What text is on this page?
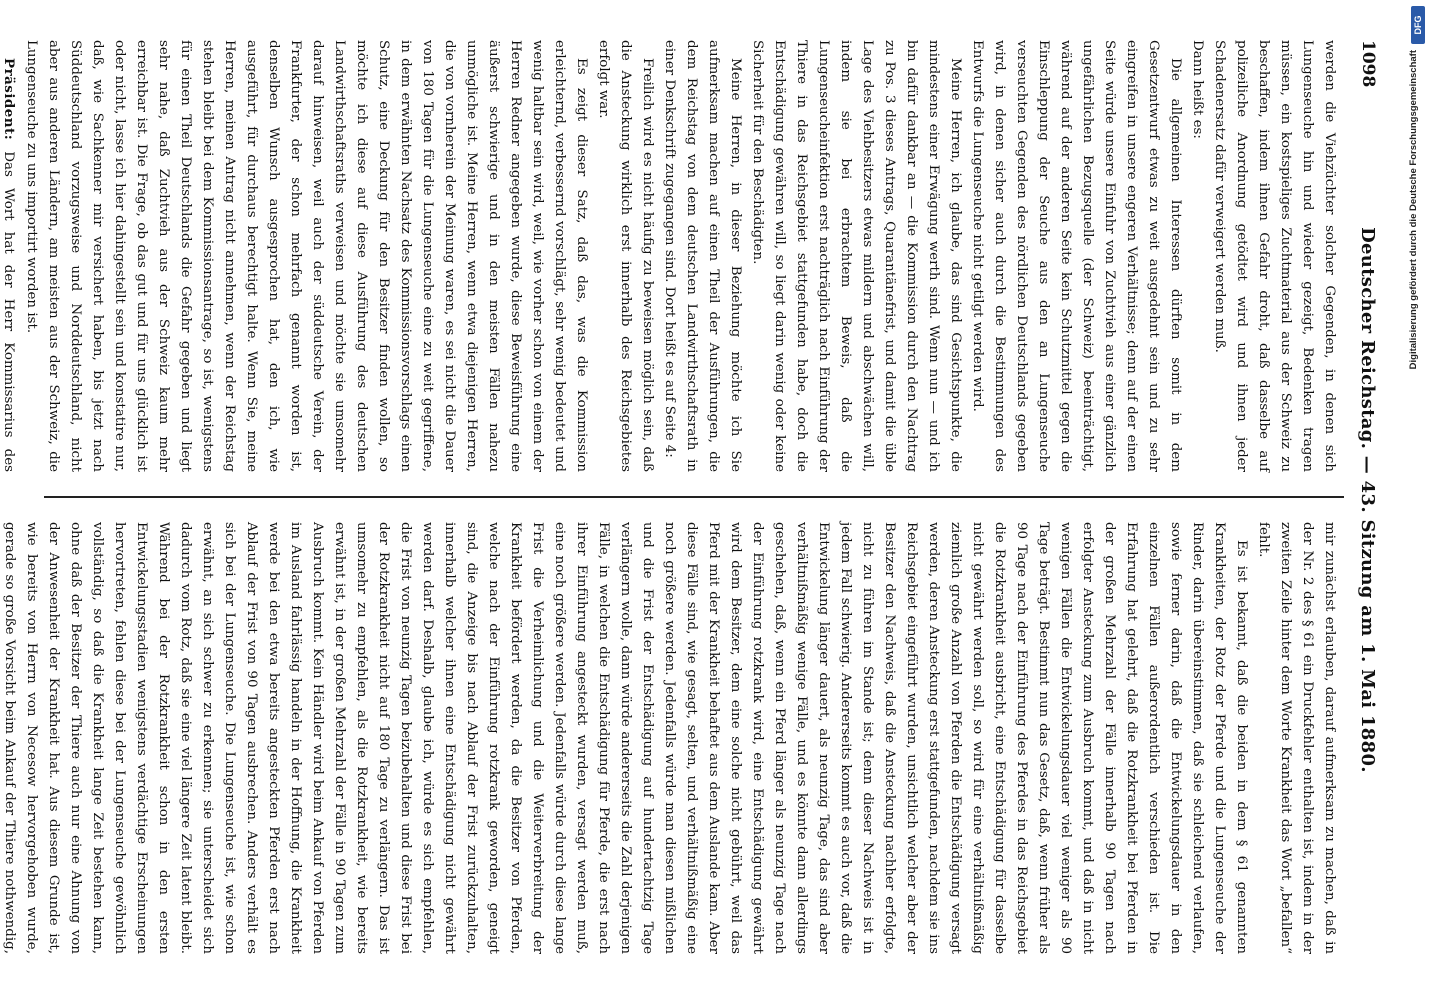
1098
Deutscher Reichstag. — 43. Sitzung am 1. Mai 1880.

werden die Viehzüchter solcher Gegenden, in denen sich Lungenseuche hin und wieder gezeigt, Bedenken tragen müssen, ein kostspieliges Zuchtmaterial aus der Schweiz zu beschaffen, indem ihnen Gefahr droht, daß dasselbe auf polizeiliche Anordnung getödtet wird und ihnen jeder Schadenersatz dafür verweigert werden muß.

Dann heißt es:

Die allgemeinen Interessen dürften somit in dem Gesetzentwurf etwas zu weit ausgedehnt sein und zu sehr eingreifen in unsere engeren Verhältnisse; denn auf der einen Seite würde unsere Einfuhr von Zuchtvieh aus einer gänzlich ungefährlichen Bezugsquelle (der Schweiz) beeinträchtigt, während auf der anderen Seite kein Schutzmittel gegen die Einschleppung der Seuche aus den an Lungenseuche verseuchten Gegenden des nördlichen Deutschlands gegeben wird, in denen sicher auch durch die Bestimmungen des Entwurfs die Lungenseuche nicht getilgt werden wird.

Meine Herren, ich glaube, das sind Gesichtspunkte, die mindestens einer Erwägung werth sind. Wenn nun — und ich bin dafür dankbar an — die Kommission durch den Nachtrag zu Pos. 3 dieses Antrags, Quarantänefrist, und damit die üble Lage des Viehbesitzers etwas mildern und abschwächen will, indem sie bei erbrachtem Beweis, daß die Lungenseucheinfektion erst nachträglich nach Einführung der Thiere in das Reichsgebiet stattgefunden habe, doch die Entschädigung gewähren will, so liegt darin wenig oder keine Sicherheit für den Beschädigten.

Meine Herren, in dieser Beziehung möchte ich Sie aufmerksam machen auf einen Theil der Ausführungen, die dem Reichstag von dem deutschen Landwirthschaftsrath in einer Denkschrift zugegangen sind. Dort heißt es auf Seite 4:

Freilich wird es nicht häufig zu beweisen möglich sein, daß die Ansteckung wirklich erst innerhalb des Reichsgebietes erfolgt war.

Es zeigt dieser Satz, daß das, was die Kommission erleichternd, verbessernd vorschlägt, sehr wenig bedeutet und wenig haltbar sein wird, weil, wie vorher schon von einem der Herren Redner angegeben wurde, diese Beweisführung eine äußerst schwierige und in den meisten Fällen nahezu unmögliche ist. Meine Herren, wenn etwa diejenigen Herren, die von vornherein der Meinung waren, es sei nicht die Dauer von 180 Tagen für die Lungenseuche eine zu weit gegriffene, in dem erwähnten Nachsatz des Kommissionsvorschlags einen Schutz, eine Deckung für den Besitzer finden wollen, so möchte ich diese auf diese Ausführung des deutschen Landwirthschaftsraths verweisen und möchte sie umsomehr darauf hinweisen, weil auch der süddeutsche Verein, der Frankfurter, der schon mehrfach genannt worden ist, denselben Wunsch ausgesprochen hat, den ich, wie ausgeführt, für durchaus berechtigt halte. Wenn Sie, meine Herren, meinen Antrag nicht annehmen, wenn der Reichstag stehen bleibt bei dem Kommissionsantrage, so ist, wenigstens für einen Theil Deutschlands die Gefahr gegeben und liegt sehr nahe, daß Zuchtvieh aus der Schweiz kaum mehr erreichbar ist. Die Frage, ob das gut und für uns glücklich ist oder nicht, lasse ich hier dahingestellt sein und konstatire nur, daß, wie Sachkenner mir versichert haben, bis jetzt nach Süddeutschland vorzugsweise und Norddeutschland, nicht aber aus anderen Ländern, am meisten aus der Schweiz, die Lungenseuche zu uns importirt worden ist.

Präsident: Das Wort hat der Herr Kommissarius des

mir zunächst erlauben, darauf aufmerksam zu machen, daß in der Nr. 2 des § 61 ein Druckfehler enthalten ist, indem in der zweiten Zeile hinter dem Worte Krankheit das Wort „befallen“ fehlt.

Es ist bekannt, daß die beiden in dem § 61 genannten Krankheiten, der Rotz der Pferde und die Lungenseuche der Rinder, darin übereinstimmen, daß sie schleichend verlaufen, sowie ferner darin, daß die Entwickelungsdauer in den einzelnen Fällen außerordentlich verschieden ist. Die Erfahrung hat gelehrt, daß die Rotzkrankheit bei Pferden in der großen Mehrzahl der Fälle innerhalb 90 Tagen nach erfolgter Ansteckung zum Ausbruch kommt, und daß in nicht wenigen Fällen die Entwickelungsdauer viel weniger als 90 Tage beträgt. Bestimmt nun das Gesetz, daß, wenn früher als 90 Tage nach der Einführung des Pferdes in das Reichsgebiet die Rotzkrankheit ausbricht, eine Entschädigung für dasselbe nicht gewährt werden soll, so wird für eine verhältnißmäßig ziemlich große Anzahl von Pferden die Entschädigung versagt werden, deren Ansteckung erst stattgefunden, nachdem sie ins Reichsgebiet eingeführt wurden, unsichtlich welcher aber der Besitzer den Nachweis, daß die Ansteckung nachher erfolgte, nicht zu führen im Stande ist; denn dieser Nachweis ist in jedem Fall schwierig. Andererseits kommt es auch vor, daß die Entwickelung länger dauert, als neunzig Tage, das sind aber verhältnißmäßig wenige Fälle, und es könnte dann allerdings geschehen, daß, wenn ein Pferd länger als neunzig Tage nach der Einführung rotzkrank wird, eine Entschädigung gewährt wird dem Besitzer, dem eine solche nicht gebührt, weil das Pferd mit der Krankheit behaftet aus dem Auslande kam. Aber diese Fälle sind, wie gesagt, selten, und verhältnißmäßig eine noch größere werden. Jedenfalls würde man diesen mißlichen und die Frist der Entschädigung auf hundertachtzig Tage verlängern wolle, dann würde andererseits die Zahl derjenigen Fälle, in welchen die Entschädigung für Pferde, die erst nach ihrer Einführung angesteckt wurden, versagt werden muß, eine noch größere werden. Jedenfalls würde durch diese lange Frist die Verheimlichung und die Weiterverbreitung der Krankheit befördert werden, da die Besitzer von Pferden, welche nach der Einführung rotzkrank geworden, geneigt sind, die Anzeige bis nach Ablauf der Frist zurückzuhalten, innerhalb welcher ihnen eine Entschädigung nicht gewährt werden darf. Deshalb, glaube ich, würde es sich empfehlen, die Frist von neunzig Tagen beizubehalten und diese Frist bei der Rotzkrankheit nicht auf 180 Tage zu verlängern. Das ist umsomehr zu empfehlen, als die Rotzkrankheit, wie bereits erwähnt ist, in der großen Mehrzahl der Fälle in 90 Tagen zum Ausbruch kommt. Kein Händler wird beim Ankauf von Pferden im Ausland fahrlässig handeln in der Hoffnung, die Krankheit werde bei den etwa bereits angesteckten Pferden erst nach Ablauf der Frist von 90 Tagen ausbrechen. Anders verhält es sich bei der Lungenseuche. Die Lungenseuche ist, wie schon erwähnt, an sich schwer zu erkennen; sie unterscheidet sich dadurch vom Rotz, daß sie eine viel längere Zeit latent bleibt. Während bei der Rotzkrankheit schon in den ersten Entwickelungsstadien wenigstens verdächtige Erscheinungen hervortreten, fehlen diese bei der Lungenseuche gewöhnlich vollständig, so daß die Krankheit lange Zeit bestehen kann, ohne daß der Besitzer der Thiere auch nur eine Ahnung von der Anwesenheit der Krankheit hat. Aus diesem Grunde ist, wie bereits von Herrn von Necesow hervorgehoben wurde, gerade so große Vorsicht beim Ankauf der Thiere nothwendig,

DFG
Digitalisierung gefördert durch die Deutsche Forschungsgemeinschaft
